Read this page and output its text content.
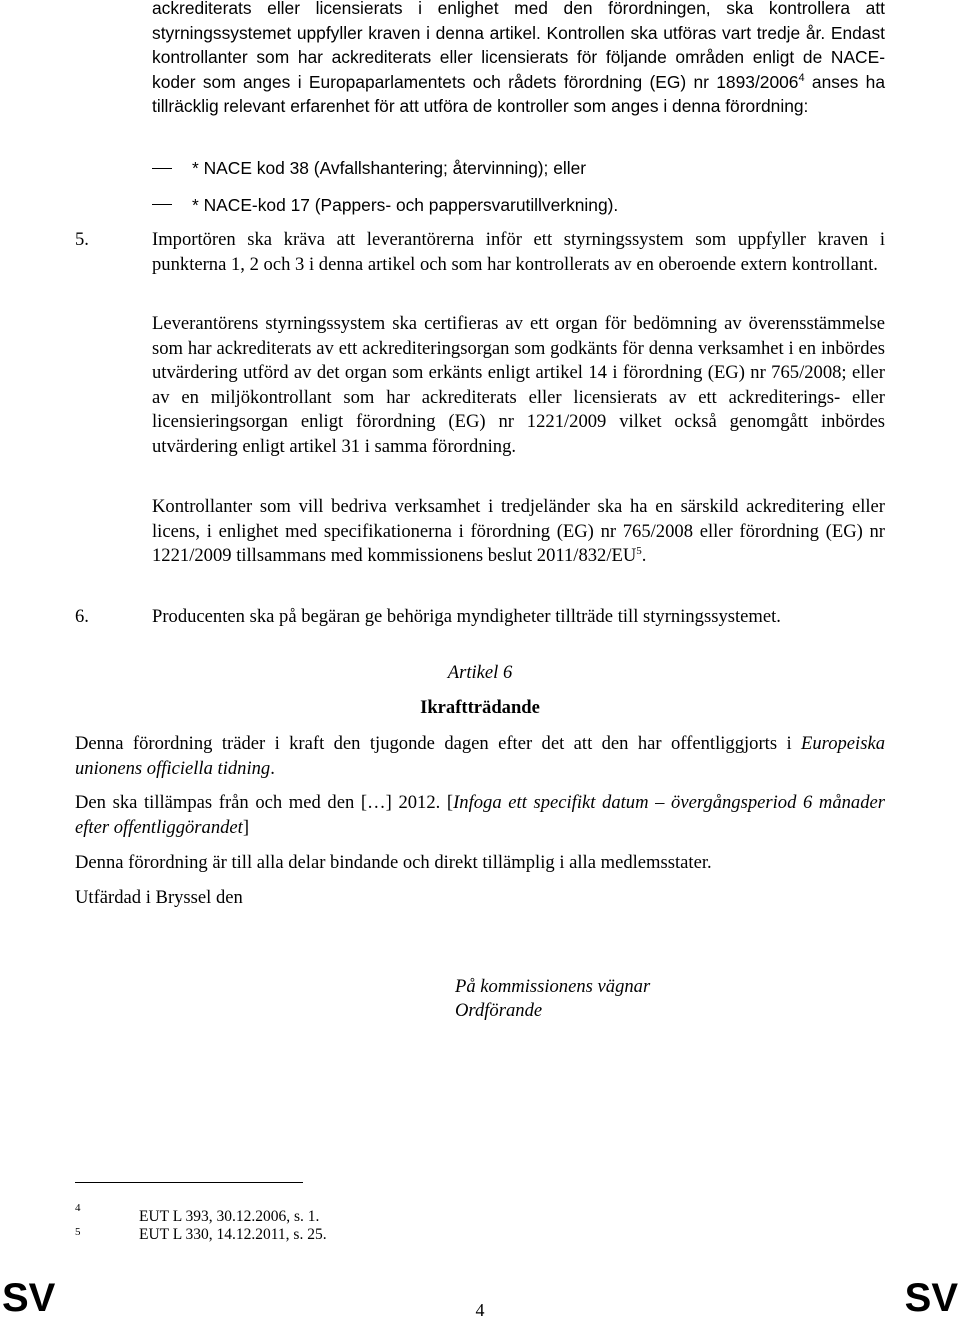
ackrediterats eller licensierats i enlighet med den förordningen, ska kontrollera att styrningssystemet uppfyller kraven i denna artikel. Kontrollen ska utföras vart tredje år. Endast kontrollanter som har ackrediterats eller licensierats för följande områden enligt de NACE-koder som anges i Europaparlamentets och rådets förordning (EG) nr 1893/2006$^4$ anses ha tillräcklig relevant erfarenhet för att utföra de kontroller som anges i denna förordning:

* NACE kod 38 (Avfallshantering; återvinning); eller
* NACE-kod 17 (Pappers- och pappersvarutillverkning).
5.	Importören ska kräva att leverantörerna inför ett styrningssystem som uppfyller kraven i punkterna 1, 2 och 3 i denna artikel och som har kontrollerats av en oberoende extern kontrollant.

Leverantörens styrningssystem ska certifieras av ett organ för bedömning av överensstämmelse som har ackrediterats av ett ackrediteringsorgan som godkänts för denna verksamhet i en inbördes utvärdering utförd av det organ som erkänts enligt artikel 14 i förordning (EG) nr 765/2008; eller av en miljökontrollant som har ackrediterats eller licensierats av ett ackrediterings- eller licensieringsorgan enligt förordning (EG) nr 1221/2009 vilket också genomgått inbördes utvärdering enligt artikel 31 i samma förordning.

Kontrollanter som vill bedriva verksamhet i tredjeländer ska ha en särskild ackreditering eller licens, i enlighet med specifikationerna i förordning (EG) nr 765/2008 eller förordning (EG) nr 1221/2009 tillsammans med kommissionens beslut $2011/832/EU^5$.

6.	Producenten ska på begäran ge behöriga myndigheter tillträde till styrningssystemet.

Artikel 6
Ikraftträdande

Denna förordning träder i kraft den tjugonde dagen efter det att den har offentliggjorts i Europeiska unionens officiella tidning.

Den ska tillämpas från och med den […] 2012. [Infoga ett specifikt datum – övergångsperiod 6 månader efter offentliggörandet]

Denna förordning är till alla delar bindande och direkt tillämplig i alla medlemsstater.

Utfärdad i Bryssel den

På kommissionens vägnar
Ordförande
4	EUT L 393, 30.12.2006, s. 1.
5	EUT L 330, 14.12.2011, s. 25.
SV	4	SV
